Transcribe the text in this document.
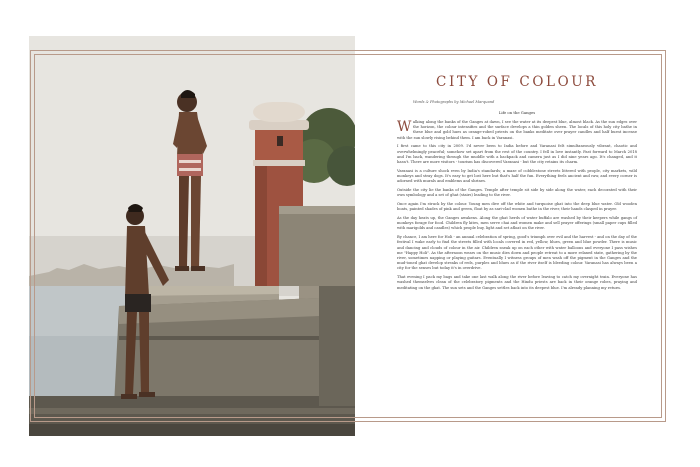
CITY OF COLOUR
Words & Photographs by Michael Marquand
Life on the Ganges

Walking along the banks of the Ganges at dawn, I see the water at its deepest blue, almost black. As the sun edges over the horizon, the colour intensifies and the surface develops a thin golden sheen. The locals of this holy city bathe in these blue and gold hues as orange-robed priests on the banks meditate over prayer candles and half burnt incense with the sun slowly rising behind them. I am back in Varanasi.

I first came to this city in 2009. I'd never been to India before and Varanasi felt simultaneously vibrant, chaotic and overwhelmingly peaceful; somehow set apart from the rest of the country. I fell in love instantly. Fast forward to March 2018 and I'm back, wandering through the muddle with a backpack and camera just as I did nine years ago. It's changed, and it hasn't. There are more visitors - tourism has discovered Varanasi - but the city retains its charm.

Varanasi is a culture shock even by India's standards; a maze of cobblestone streets littered with people, city markets, wild monkeys and stray dogs. It's easy to get lost here but that's half the fun. Everything feels ancient and raw, and every corner is adorned with murals and emblems and shrines.

Outside the city lie the banks of the Ganges. Temple after temple sit side by side along the water, each decorated with their own symbology and a set of ghat (stairs) leading to the river.

Once again I'm struck by the colour. Young men dive off the white and turquoise ghat into the deep blue water. Old wooden boats, painted shades of pink and green, float by as sari-clad women bathe in the river, their hands clasped in prayer.

As the day heats up, the Ganges awakens. Along the ghat herds of water buffalo are washed by their keepers while gangs of monkeys forage for food. Children fly kites, men serve chai and women make and sell prayer offerings (small paper cups filled with marigolds and candles) which people buy, light and set afloat on the river.

By chance, I am here for Holi - an annual celebration of spring, good's triumph over evil and the harvest - and on the day of the festival I wake early to find the streets filled with locals covered in red, yellow, blues, green and blue powder. There is music and dancing and clouds of colour in the air. Children sneak up on each other with water balloons and everyone I pass wishes me "Happy Holi". As the afternoon wears on the music dies down and people retreat to a more relaxed state, gathering by the river, sometimes napping or playing guitars. Eventually I witness groups of men wash off the pigment in the Ganges and the mud-toned ghat develop streaks of reds, purples and blues as if the river itself is bleeding colour. Varanasi has always been a city for the senses but today it's in overdrive.

That evening I pack my bags and take one last walk along the river before leaving to catch my overnight train. Everyone has washed themselves clean of the celebratory pigments and the Hindu priests are back in their orange robes, praying and meditating on the ghat. The sun sets and the Ganges settles back into its deepest blue. I'm already planning my return.
